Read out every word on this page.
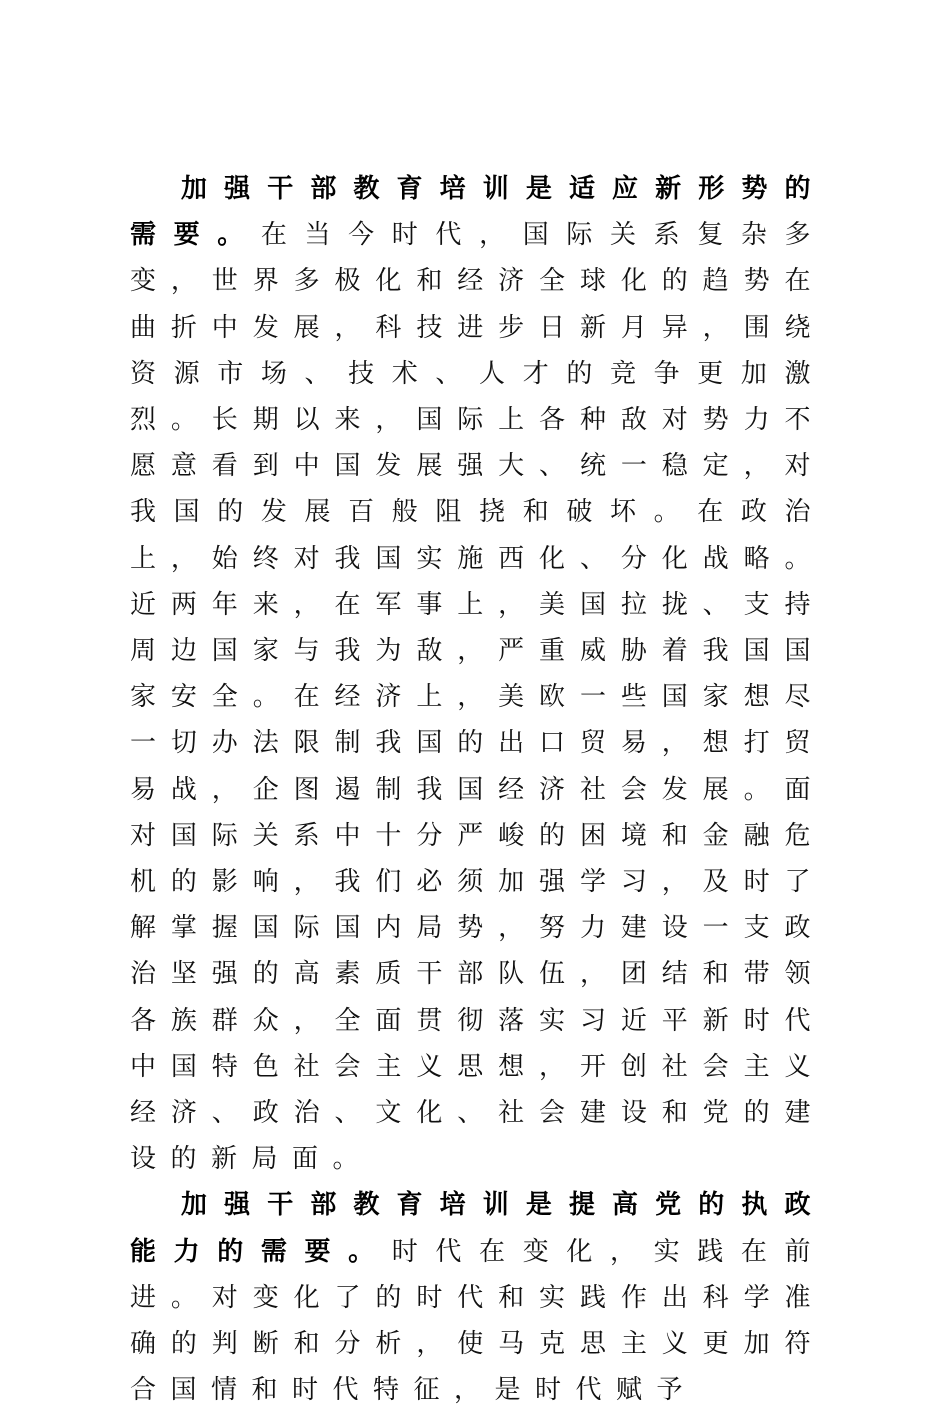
加强干部教育培训是适应新形势的需要。在当今时代，国际关系复杂多变，世界多极化和经济全球化的趋势在曲折中发展，科技进步日新月异，围绕资源市场、技术、人才的竞争更加激烈。长期以来，国际上各种敌对势力不愿意看到中国发展强大、统一稳定，对我国的发展百般阻挠和破坏。在政治上，始终对我国实施西化、分化战略。近两年来，在军事上，美国拉拢、支持周边国家与我为敌，严重威胁着我国国家安全。在经济上，美欧一些国家想尽一切办法限制我国的出口贸易，想打贸易战，企图遏制我国经济社会发展。面对国际关系中十分严峻的困境和金融危机的影响，我们必须加强学习，及时了解掌握国际国内局势，努力建设一支政治坚强的高素质干部队伍，团结和带领各族群众，全面贯彻落实习近平新时代中国特色社会主义思想，开创社会主义经济、政治、文化、社会建设和党的建设的新局面。

加强干部教育培训是提高党的执政能力的需要。时代在变化，实践在前进。对变化了的时代和实践作出科学准确的判断和分析，使马克思主义更加符合国情和时代特征，是时代赋予
